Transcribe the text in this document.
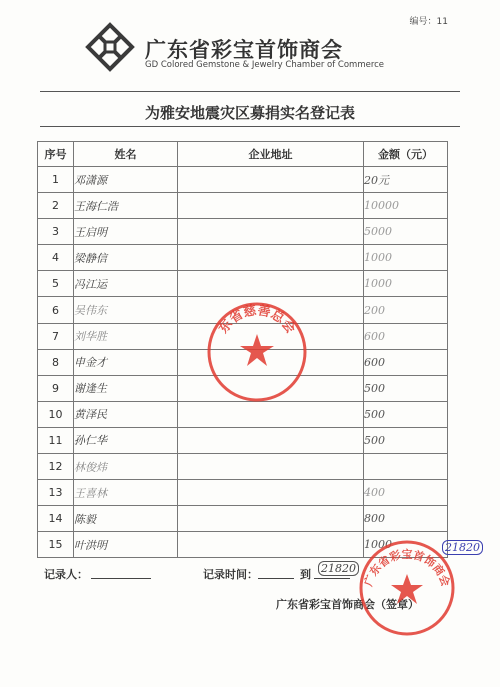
编号：11
广东省彩宝首饰商会
GD Colored Gemstone & Jewelry Chamber of Commerce
为雅安地震灾区募捐实名登记表
序号	姓名	企业地址	金额（元）
1	邓潇源		20元
2	王海仁浩		10000
3	王启明		5000
4	梁静信		1000
5	冯江运		1000
6	吴伟东		200
7	刘华胜		600
8	申金才		600
9	谢逢生		500
10	黄泽民		500
11	孙仁华		500
12	林俊炜		
13	王喜林		400
14	陈毅		800
15	叶洪明		1000
东省慈善总会
记录人：	记录时间：	到 21820
21820
广东省彩宝首饰商会（签章）
广东省彩宝首饰商会
